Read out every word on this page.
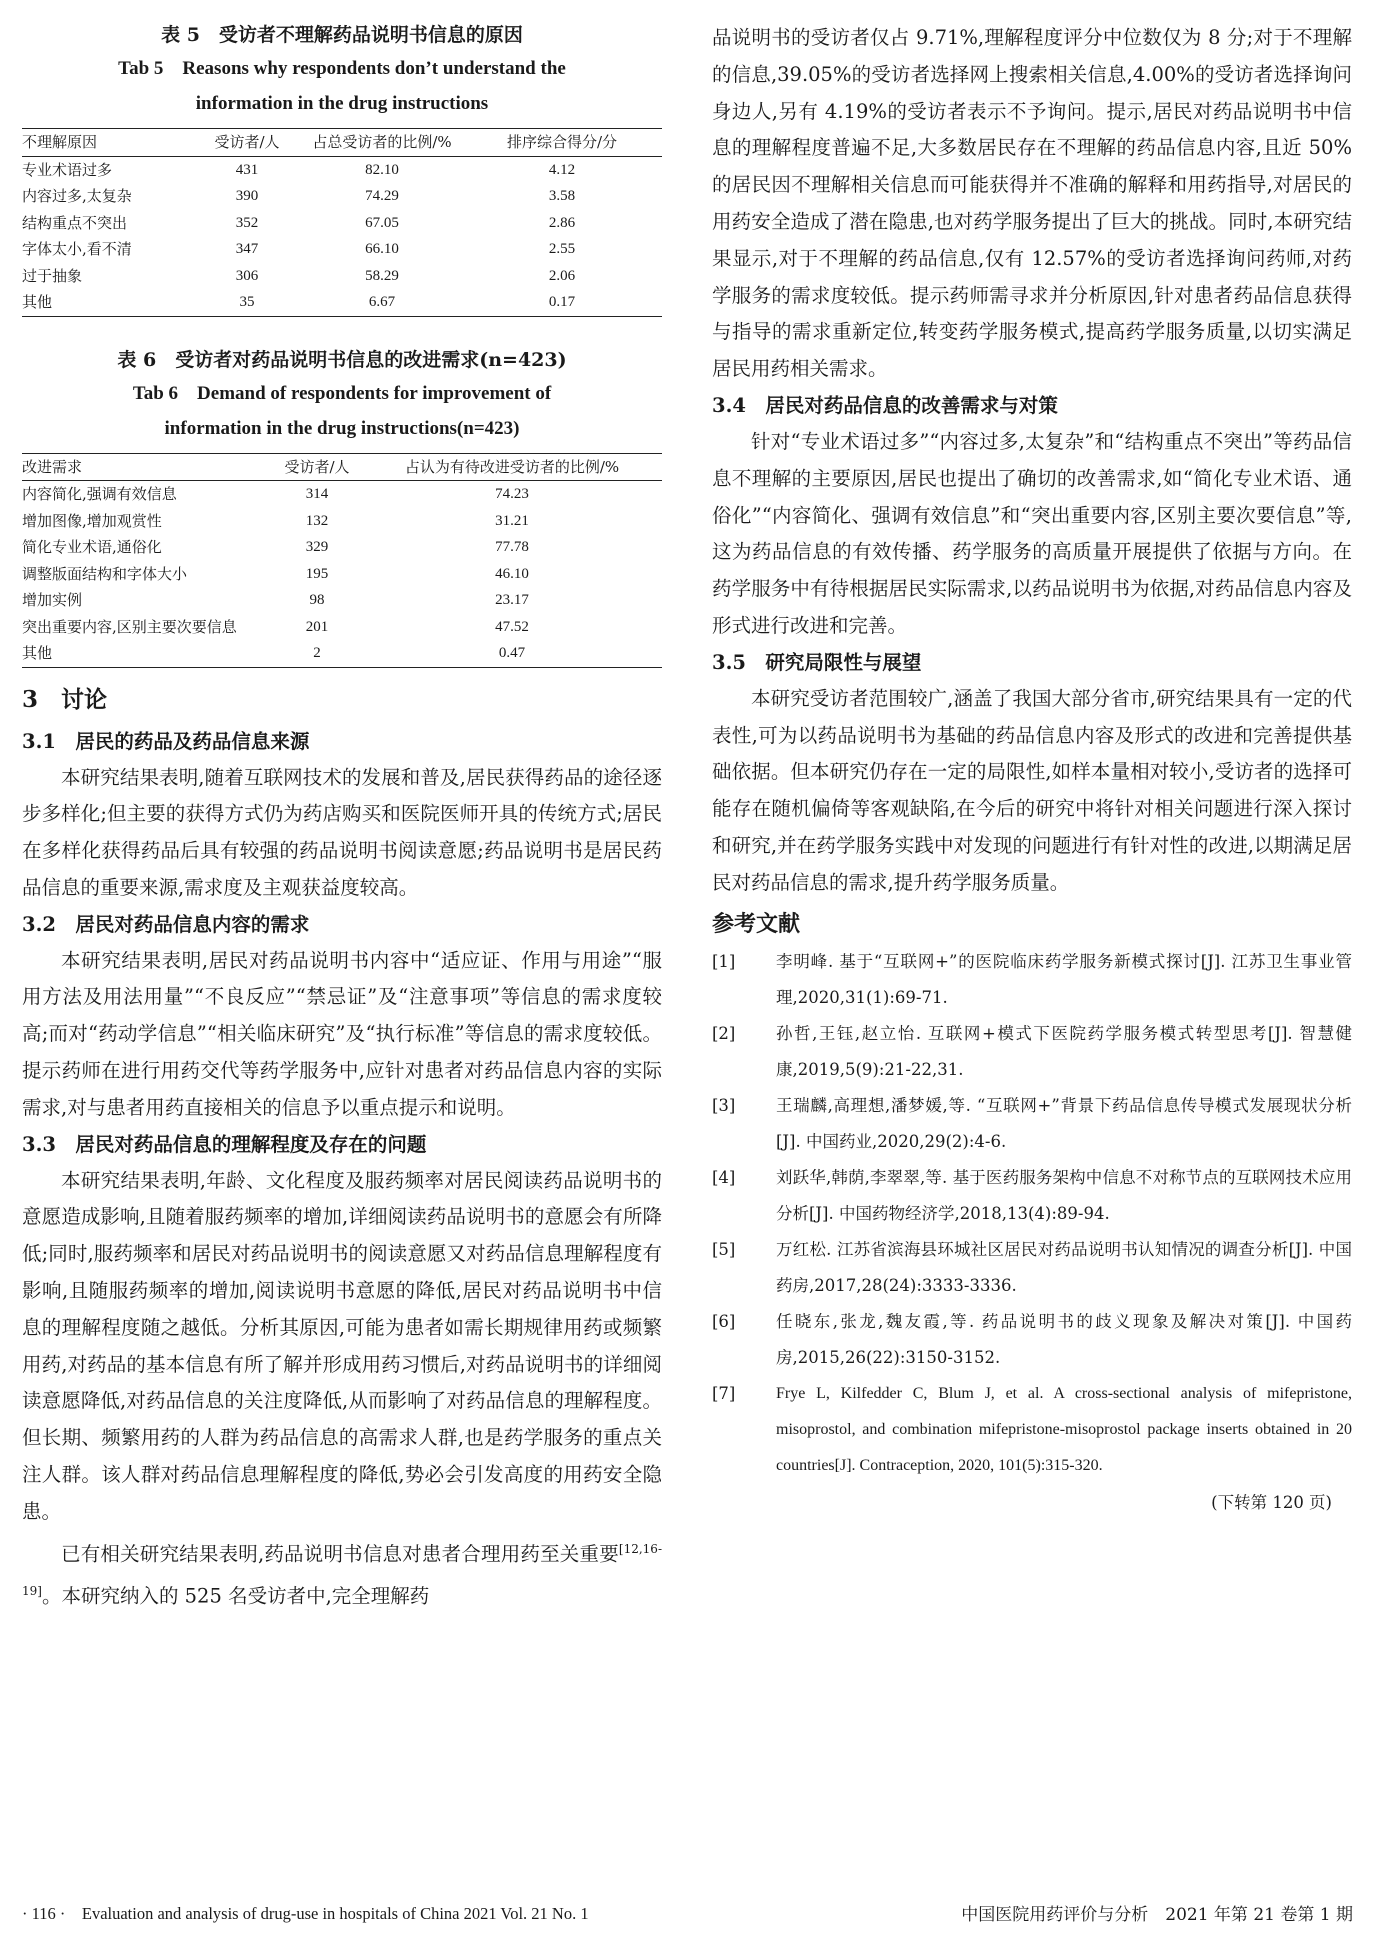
表 5　受访者不理解药品说明书信息的原因

Tab 5　Reasons why respondents don’t understand the

information in the drug instructions

不理解原因	受访者/人	占总受访者的比例/%	排序综合得分/分
专业术语过多	431	82.10	4.12
内容过多,太复杂	390	74.29	3.58
结构重点不突出	352	67.05	2.86
字体太小,看不清	347	66.10	2.55
过于抽象	306	58.29	2.06
其他	35	6.67	0.17

表 6　受访者对药品说明书信息的改进需求(n=423)

Tab 6　Demand of respondents for improvement of

information in the drug instructions(n=423)

改进需求	受访者/人	占认为有待改进受访者的比例/%
内容简化,强调有效信息	314	74.23
增加图像,增加观赏性	132	31.21
简化专业术语,通俗化	329	77.78
调整版面结构和字体大小	195	46.10
增加实例	98	23.17
突出重要内容,区别主要次要信息	201	47.52
其他	2	0.47
3　讨论
3.1　居民的药品及药品信息来源

本研究结果表明,随着互联网技术的发展和普及,居民获得药品的途径逐步多样化;但主要的获得方式仍为药店购买和医院医师开具的传统方式;居民在多样化获得药品后具有较强的药品说明书阅读意愿;药品说明书是居民药品信息的重要来源,需求度及主观获益度较高。

3.2　居民对药品信息内容的需求

本研究结果表明,居民对药品说明书内容中“适应证、作用与用途”“服用方法及用法用量”“不良反应”“禁忌证”及“注意事项”等信息的需求度较高;而对“药动学信息”“相关临床研究”及“执行标准”等信息的需求度较低。提示药师在进行用药交代等药学服务中,应针对患者对药品信息内容的实际需求,对与患者用药直接相关的信息予以重点提示和说明。

3.3　居民对药品信息的理解程度及存在的问题

本研究结果表明,年龄、文化程度及服药频率对居民阅读药品说明书的意愿造成影响,且随着服药频率的增加,详细阅读药品说明书的意愿会有所降低;同时,服药频率和居民对药品说明书的阅读意愿又对药品信息理解程度有影响,且随服药频率的增加,阅读说明书意愿的降低,居民对药品说明书中信息的理解程度随之越低。分析其原因,可能为患者如需长期规律用药或频繁用药,对药品的基本信息有所了解并形成用药习惯后,对药品说明书的详细阅读意愿降低,对药品信息的关注度降低,从而影响了对药品信息的理解程度。但长期、频繁用药的人群为药品信息的高需求人群,也是药学服务的重点关注人群。该人群对药品信息理解程度的降低,势必会引发高度的用药安全隐患。

已有相关研究结果表明,药品说明书信息对患者合理用药至关重要[12,16-19]。本研究纳入的 525 名受访者中,完全理解药

品说明书的受访者仅占 9.71%,理解程度评分中位数仅为 8 分;对于不理解的信息,39.05%的受访者选择网上搜索相关信息,4.00%的受访者选择询问身边人,另有 4.19%的受访者表示不予询问。提示,居民对药品说明书中信息的理解程度普遍不足,大多数居民存在不理解的药品信息内容,且近 50%的居民因不理解相关信息而可能获得并不准确的解释和用药指导,对居民的用药安全造成了潜在隐患,也对药学服务提出了巨大的挑战。同时,本研究结果显示,对于不理解的药品信息,仅有 12.57%的受访者选择询问药师,对药学服务的需求度较低。提示药师需寻求并分析原因,针对患者药品信息获得与指导的需求重新定位,转变药学服务模式,提高药学服务质量,以切实满足居民用药相关需求。

3.4　居民对药品信息的改善需求与对策

针对“专业术语过多”“内容过多,太复杂”和“结构重点不突出”等药品信息不理解的主要原因,居民也提出了确切的改善需求,如“简化专业术语、通俗化”“内容简化、强调有效信息”和“突出重要内容,区别主要次要信息”等,这为药品信息的有效传播、药学服务的高质量开展提供了依据与方向。在药学服务中有待根据居民实际需求,以药品说明书为依据,对药品信息内容及形式进行改进和完善。

3.5　研究局限性与展望

本研究受访者范围较广,涵盖了我国大部分省市,研究结果具有一定的代表性,可为以药品说明书为基础的药品信息内容及形式的改进和完善提供基础依据。但本研究仍存在一定的局限性,如样本量相对较小,受访者的选择可能存在随机偏倚等客观缺陷,在今后的研究中将针对相关问题进行深入探讨和研究,并在药学服务实践中对发现的问题进行有针对性的改进,以期满足居民对药品信息的需求,提升药学服务质量。

参考文献
[1]	李明峰. 基于“互联网+”的医院临床药学服务新模式探讨[J]. 江苏卫生事业管理,2020,31(1):69-71.
[2]	孙哲,王钰,赵立怡. 互联网+模式下医院药学服务模式转型思考[J]. 智慧健康,2019,5(9):21-22,31.
[3]	王瑞麟,高理想,潘梦媛,等. “互联网+”背景下药品信息传导模式发展现状分析[J]. 中国药业,2020,29(2):4-6.
[4]	刘跃华,韩荫,李翠翠,等. 基于医药服务架构中信息不对称节点的互联网技术应用分析[J]. 中国药物经济学,2018,13(4):89-94.
[5]	万红松. 江苏省滨海县环城社区居民对药品说明书认知情况的调查分析[J]. 中国药房,2017,28(24):3333-3336.
[6]	任晓东,张龙,魏友霞,等. 药品说明书的歧义现象及解决对策[J]. 中国药房,2015,26(22):3150-3152.
[7]	Frye L, Kilfedder C, Blum J, et al. A cross-sectional analysis of mifepristone, misoprostol, and combination mifepristone-misoprostol package inserts obtained in 20 countries[J]. Contraception, 2020, 101(5):315-320.
(下转第 120 页)
· 116 ·　Evaluation and analysis of drug-use in hospitals of China 2021 Vol. 21 No. 1	中国医院用药评价与分析　2021 年第 21 卷第 1 期
